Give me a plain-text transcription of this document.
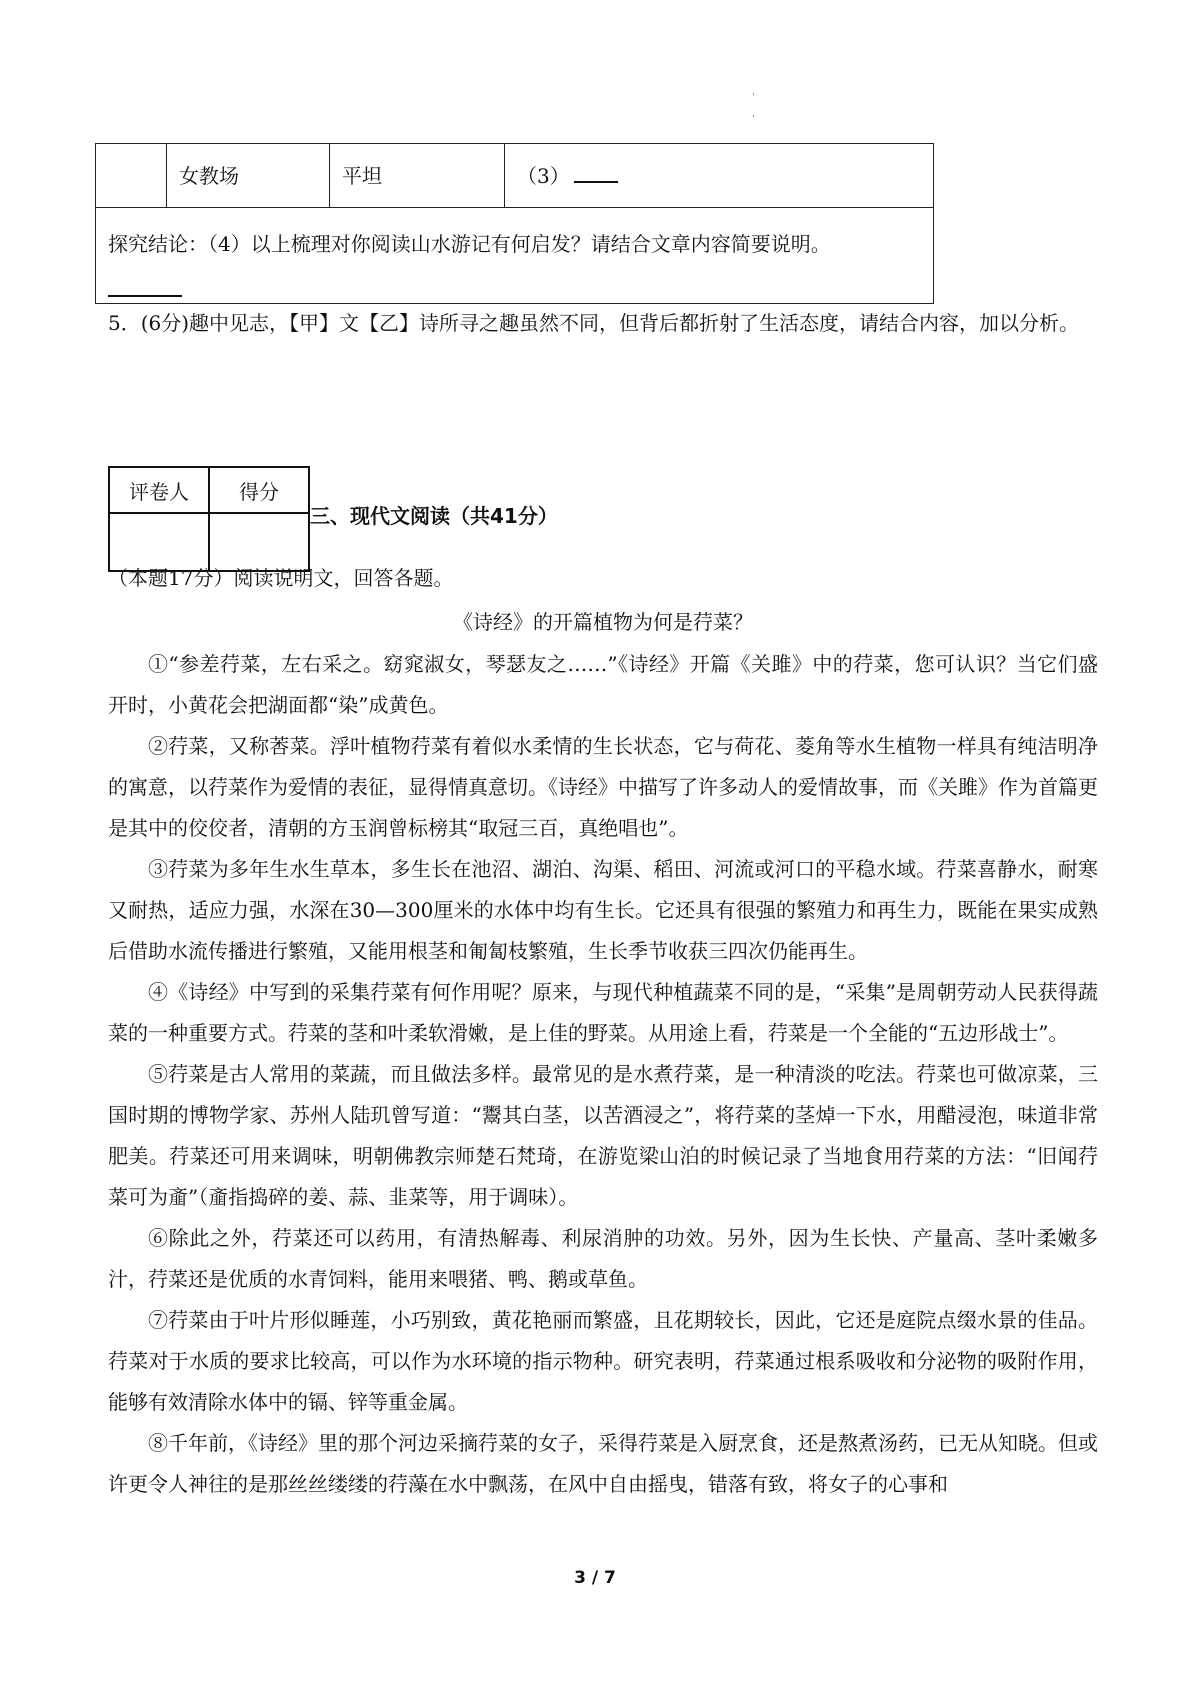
'
'
	女教场	平坦	（3）
探究结论：（4）以上梳理对你阅读山水游记有何启发？请结合文章内容简要说明。
5．(6分)趣中见志，【甲】文【乙】诗所寻之趣虽然不同，但背后都折射了生活态度，请结合内容，加以分析。
评卷人	得分

三、现代文阅读（共41分）
（本题17分）阅读说明文，回答各题。
《诗经》的开篇植物为何是荇菜？

①“参差荇菜，左右采之。窈窕淑女，琴瑟友之……”《诗经》开篇《关雎》中的荇菜，您可认识？当它们盛开时，小黄花会把湖面都“染”成黄色。

②荇菜，又称莕菜。浮叶植物荇菜有着似水柔情的生长状态，它与荷花、菱角等水生植物一样具有纯洁明净的寓意，以荇菜作为爱情的表征，显得情真意切。《诗经》中描写了许多动人的爱情故事，而《关雎》作为首篇更是其中的佼佼者，清朝的方玉润曾标榜其“取冠三百，真绝唱也”。

③荇菜为多年生水生草本，多生长在池沼、湖泊、沟渠、稻田、河流或河口的平稳水域。荇菜喜静水，耐寒又耐热，适应力强，水深在30—300厘米的水体中均有生长。它还具有很强的繁殖力和再生力，既能在果实成熟后借助水流传播进行繁殖，又能用根茎和匍匐枝繁殖，生长季节收获三四次仍能再生。

④《诗经》中写到的采集荇菜有何作用呢？原来，与现代种植蔬菜不同的是，“采集”是周朝劳动人民获得蔬菜的一种重要方式。荇菜的茎和叶柔软滑嫩，是上佳的野菜。从用途上看，荇菜是一个全能的“五边形战士”。

⑤荇菜是古人常用的菜蔬，而且做法多样。最常见的是水煮荇菜，是一种清淡的吃法。荇菜也可做凉菜，三国时期的博物学家、苏州人陆玑曾写道：“鬻其白茎，以苦酒浸之”，将荇菜的茎焯一下水，用醋浸泡，味道非常肥美。荇菜还可用来调味，明朝佛教宗师楚石梵琦，在游览梁山泊的时候记录了当地食用荇菜的方法：“旧闻荇菜可为齑”（齑指捣碎的姜、蒜、韭菜等，用于调味）。

⑥除此之外，荇菜还可以药用，有清热解毒、利尿消肿的功效。另外，因为生长快、产量高、茎叶柔嫩多汁，荇菜还是优质的水青饲料，能用来喂猪、鸭、鹅或草鱼。

⑦荇菜由于叶片形似睡莲，小巧别致，黄花艳丽而繁盛，且花期较长，因此，它还是庭院点缀水景的佳品。荇菜对于水质的要求比较高，可以作为水环境的指示物种。研究表明，荇菜通过根系吸收和分泌物的吸附作用，能够有效清除水体中的镉、锌等重金属。

⑧千年前，《诗经》里的那个河边采摘荇菜的女子，采得荇菜是入厨烹食，还是熬煮汤药，已无从知晓。但或许更令人神往的是那丝丝缕缕的荇藻在水中飘荡，在风中自由摇曳，错落有致，将女子的心事和

3 / 7
